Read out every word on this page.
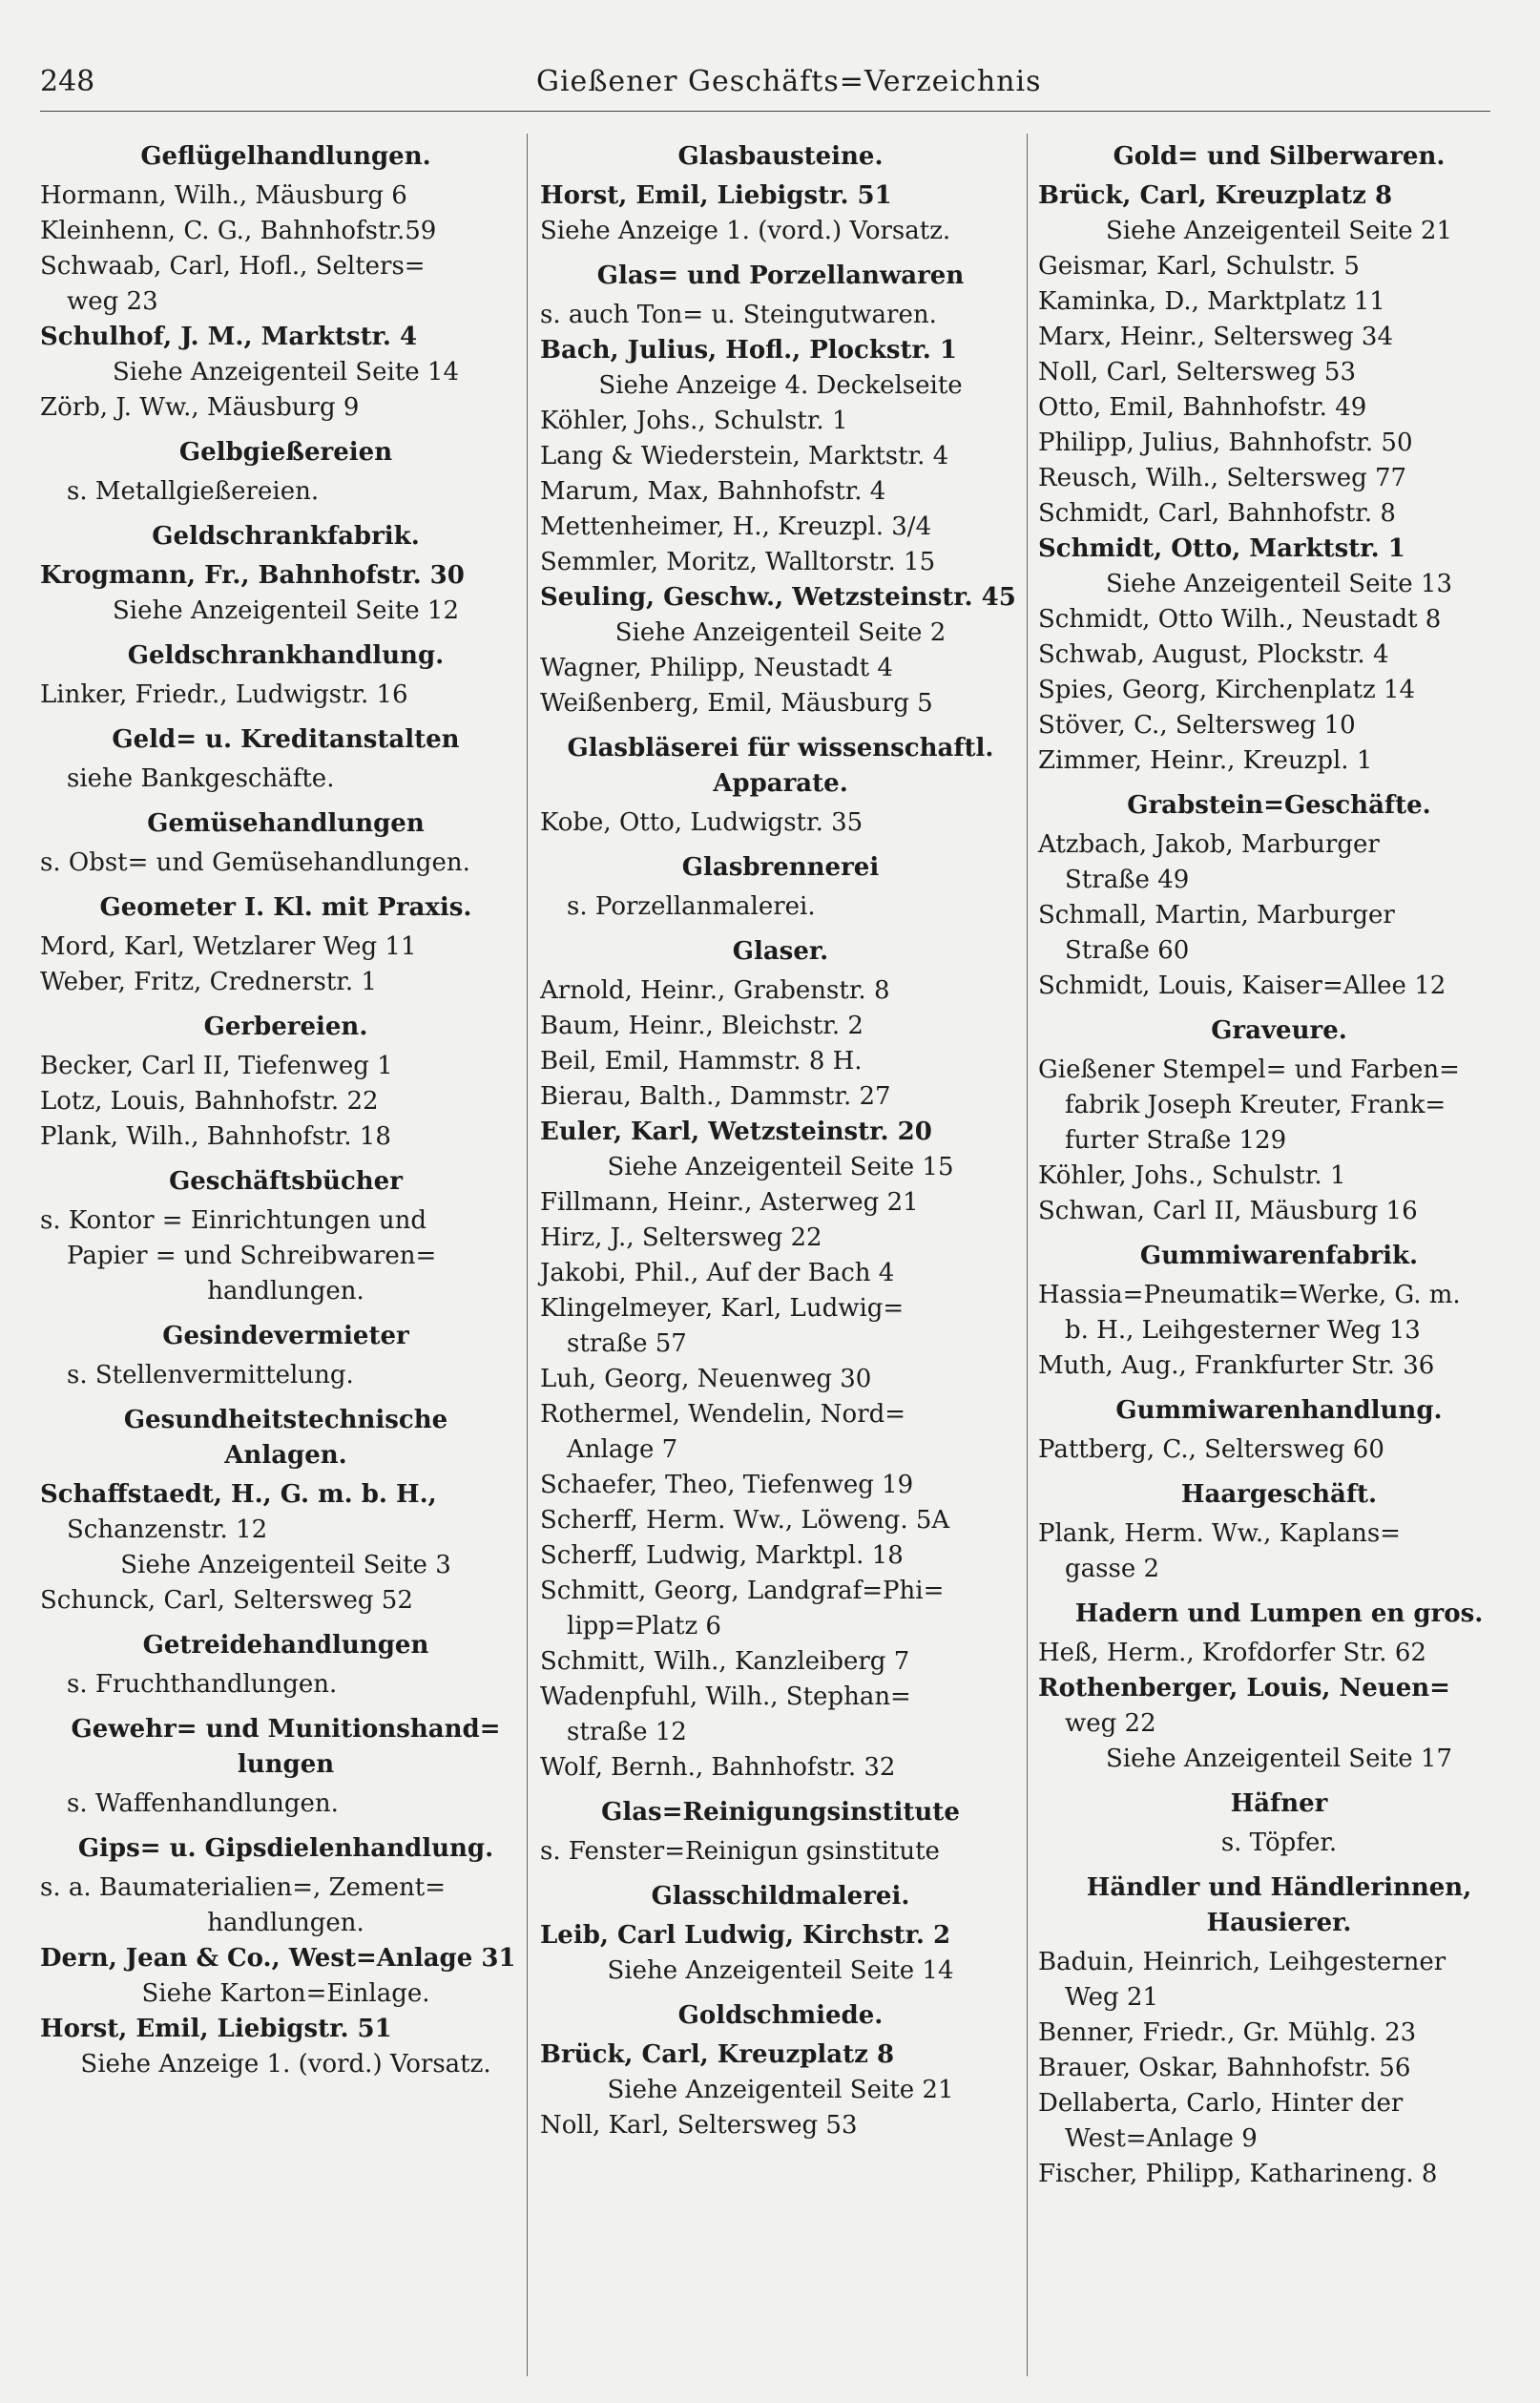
248	Gießener Geschäfts=Verzeichnis
Geflügelhandlungen.
Hormann, Wilh., Mäusburg 6
Kleinhenn, C. G., Bahnhofstr.59
Schwaab, Carl, Hofl., Selters=
weg 23
Schulhof, J. M., Marktstr. 4
Siehe Anzeigenteil Seite 14
Zörb, J. Ww., Mäusburg 9
Gelbgießereien
s. Metallgießereien.
Geldschrankfabrik.
Krogmann, Fr., Bahnhofstr. 30
Siehe Anzeigenteil Seite 12
Geldschrankhandlung.
Linker, Friedr., Ludwigstr. 16
Geld= u. Kreditanstalten
siehe Bankgeschäfte.
Gemüsehandlungen
s. Obst= und Gemüsehandlungen.
Geometer I. Kl. mit Praxis.
Mord, Karl, Wetzlarer Weg 11
Weber, Fritz, Crednerstr. 1
Gerbereien.
Becker, Carl II, Tiefenweg 1
Lotz, Louis, Bahnhofstr. 22
Plank, Wilh., Bahnhofstr. 18
Geschäftsbücher
s. Kontor = Einrichtungen und
Papier = und Schreibwaren=
handlungen.
Gesindevermieter
s. Stellenvermittelung.
Gesundheitstechnische
Anlagen.
Schaffstaedt, H., G. m. b. H.,
Schanzenstr. 12
Siehe Anzeigenteil Seite 3
Schunck, Carl, Seltersweg 52
Getreidehandlungen
s. Fruchthandlungen.
Gewehr= und Munitionshand=
lungen
s. Waffenhandlungen.
Gips= u. Gipsdielenhandlung.
s. a. Baumaterialien=, Zement=
handlungen.
Dern, Jean & Co., West=Anlage 31
Siehe Karton=Einlage.
Horst, Emil, Liebigstr. 51
Siehe Anzeige 1. (vord.) Vorsatz.
Glasbausteine.
Horst, Emil, Liebigstr. 51
Siehe Anzeige 1. (vord.) Vorsatz.
Glas= und Porzellanwaren
s. auch Ton= u. Steingutwaren.
Bach, Julius, Hofl., Plockstr. 1
Siehe Anzeige 4. Deckelseite
Köhler, Johs., Schulstr. 1
Lang & Wiederstein, Marktstr. 4
Marum, Max, Bahnhofstr. 4
Mettenheimer, H., Kreuzpl. 3/4
Semmler, Moritz, Walltorstr. 15
Seuling, Geschw., Wetzsteinstr. 45
Siehe Anzeigenteil Seite 2
Wagner, Philipp, Neustadt 4
Weißenberg, Emil, Mäusburg 5
Glasbläserei für wissenschaftl.
Apparate.
Kobe, Otto, Ludwigstr. 35
Glasbrennerei
s. Porzellanmalerei.
Glaser.
Arnold, Heinr., Grabenstr. 8
Baum, Heinr., Bleichstr. 2
Beil, Emil, Hammstr. 8 H.
Bierau, Balth., Dammstr. 27
Euler, Karl, Wetzsteinstr. 20
Siehe Anzeigenteil Seite 15
Fillmann, Heinr., Asterweg 21
Hirz, J., Seltersweg 22
Jakobi, Phil., Auf der Bach 4
Klingelmeyer, Karl, Ludwig=
straße 57
Luh, Georg, Neuenweg 30
Rothermel, Wendelin, Nord=
Anlage 7
Schaefer, Theo, Tiefenweg 19
Scherff, Herm. Ww., Löweng. 5A
Scherff, Ludwig, Marktpl. 18
Schmitt, Georg, Landgraf=Phi=
lipp=Platz 6
Schmitt, Wilh., Kanzleiberg 7
Wadenpfuhl, Wilh., Stephan=
straße 12
Wolf, Bernh., Bahnhofstr. 32
Glas=Reinigungsinstitute
s. Fenster=Reinigun gsinstitute
Glasschildmalerei.
Leib, Carl Ludwig, Kirchstr. 2
Siehe Anzeigenteil Seite 14
Goldschmiede.
Brück, Carl, Kreuzplatz 8
Siehe Anzeigenteil Seite 21
Noll, Karl, Seltersweg 53
Gold= und Silberwaren.
Brück, Carl, Kreuzplatz 8
Siehe Anzeigenteil Seite 21
Geismar, Karl, Schulstr. 5
Kaminka, D., Marktplatz 11
Marx, Heinr., Seltersweg 34
Noll, Carl, Seltersweg 53
Otto, Emil, Bahnhofstr. 49
Philipp, Julius, Bahnhofstr. 50
Reusch, Wilh., Seltersweg 77
Schmidt, Carl, Bahnhofstr. 8
Schmidt, Otto, Marktstr. 1
Siehe Anzeigenteil Seite 13
Schmidt, Otto Wilh., Neustadt 8
Schwab, August, Plockstr. 4
Spies, Georg, Kirchenplatz 14
Stöver, C., Seltersweg 10
Zimmer, Heinr., Kreuzpl. 1
Grabstein=Geschäfte.
Atzbach, Jakob, Marburger
Straße 49
Schmall, Martin, Marburger
Straße 60
Schmidt, Louis, Kaiser=Allee 12
Graveure.
Gießener Stempel= und Farben=
fabrik Joseph Kreuter, Frank=
furter Straße 129
Köhler, Johs., Schulstr. 1
Schwan, Carl II, Mäusburg 16
Gummiwarenfabrik.
Hassia=Pneumatik=Werke, G. m.
b. H., Leihgesterner Weg 13
Muth, Aug., Frankfurter Str. 36
Gummiwarenhandlung.
Pattberg, C., Seltersweg 60
Haargeschäft.
Plank, Herm. Ww., Kaplans=
gasse 2
Hadern und Lumpen en gros.
Heß, Herm., Krofdorfer Str. 62
Rothenberger, Louis, Neuen=
weg 22
Siehe Anzeigenteil Seite 17
Häfner
s. Töpfer.
Händler und Händlerinnen,
Hausierer.
Baduin, Heinrich, Leihgesterner
Weg 21
Benner, Friedr., Gr. Mühlg. 23
Brauer, Oskar, Bahnhofstr. 56
Dellaberta, Carlo, Hinter der
West=Anlage 9
Fischer, Philipp, Katharineng. 8
